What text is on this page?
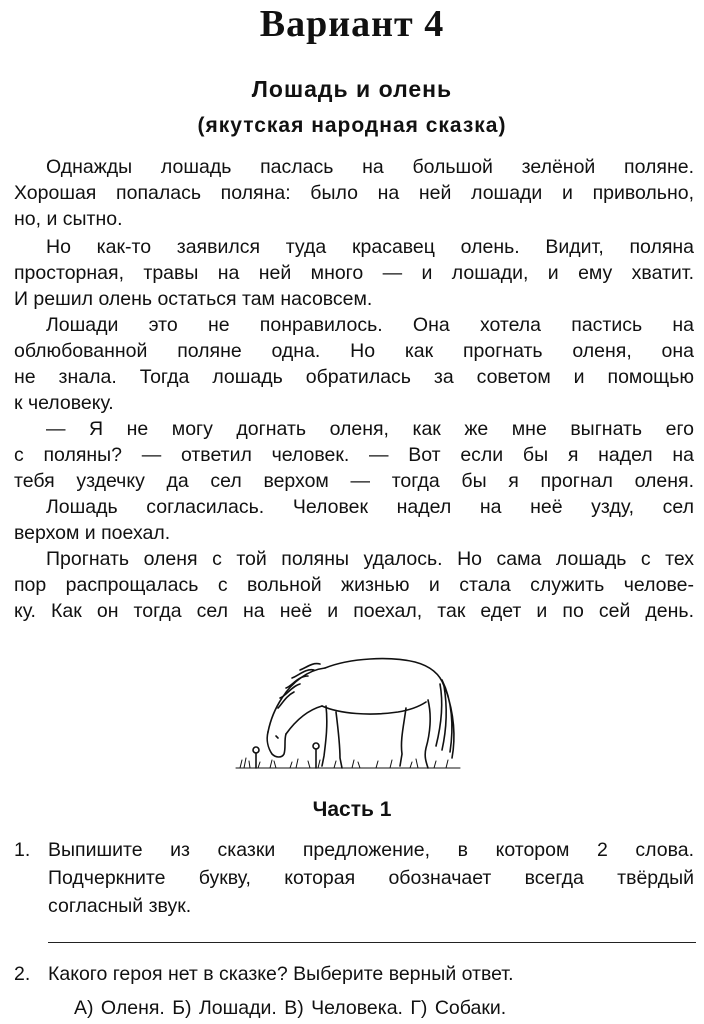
Вариант 4
Лошадь и олень
(якутская народная сказка)
Однажды лошадь паслась на большой зелёной поляне.
Хорошая попалась поляна: было на ней лошади и привольно,
но, и сытно.
Но как-то заявился туда красавец олень. Видит, поляна
просторная, травы на ней много — и лошади, и ему хватит.
И решил олень остаться там насовсем.
Лошади это не понравилось. Она хотела пастись на
облюбованной поляне одна. Но как прогнать оленя, она
не знала. Тогда лошадь обратилась за советом и помощью
к человеку.
— Я не могу догнать оленя, как же мне выгнать его
с поляны? — ответил человек. — Вот если бы я надел на
тебя уздечку да сел верхом — тогда бы я прогнал оленя.
Лошадь согласилась. Человек надел на неё узду, сел
верхом и поехал.
Прогнать оленя с той поляны удалось. Но сама лошадь с тех
пор распрощалась с вольной жизнью и стала служить челове-
ку. Как он тогда сел на неё и поехал, так едет и по сей день.
Часть 1
1. Выпишите из сказки предложение, в котором 2 слова.
Подчеркните букву, которая обозначает всегда твёрдый
согласный звук.
2. Какого героя нет в сказке? Выберите верный ответ.
А) Оленя. Б) Лошади. В) Человека. Г) Собаки.
